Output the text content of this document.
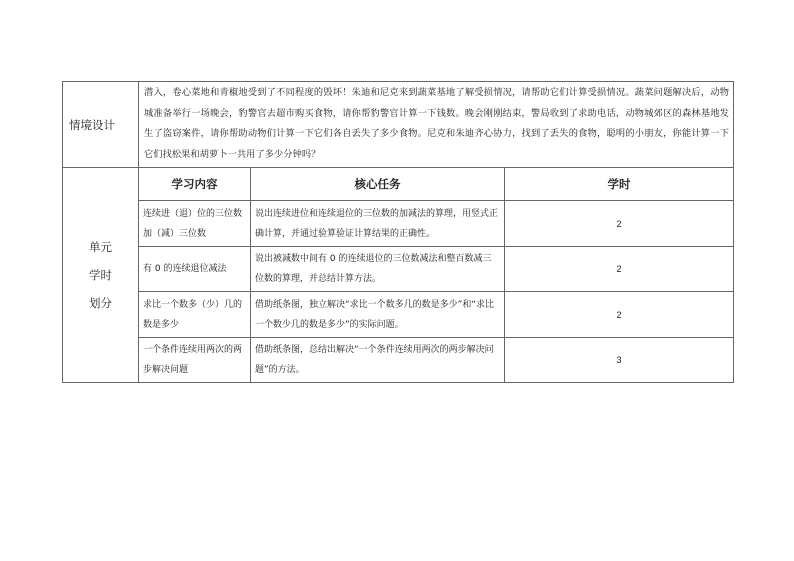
情境设计	潜入，卷心菜地和青椒地受到了不同程度的毁坏！朱迪和尼克来到蔬菜基地了解受损情况，请帮助它们计算受损情况。蔬菜问题解决后，动物城准备举行一场晚会，豹警官去超市购买食物，请你帮豹警官计算一下钱数。晚会刚刚结束，警局收到了求助电话，动物城郊区的森林基地发生了盗窃案件，请你帮助动物们计算一下它们各自丢失了多少食物。尼克和朱迪齐心协力，找到了丢失的食物，聪明的小朋友，你能计算一下它们找松果和胡萝卜一共用了多少分钟吗？		

单元
学时
划分	学习内容	核心任务	学时
	连续进（退）位的三位数加（减）三位数	说出连续进位和连续退位的三位数的加减法的算理，用竖式正确计算，并通过验算验证计算结果的正确性。	2
	有 0 的连续退位减法	说出被减数中间有 0 的连续退位的三位数减法和整百数减三位数的算理，并总结计算方法。	2
	求比一个数多（少）几的数是多少	借助纸条图，独立解决“求比一个数多几的数是多少”和“求比一个数少几的数是多少”的实际问题。	2
	一个条件连续用两次的两步解决问题	借助纸条图，总结出解决“一个条件连续用两次的两步解决问题”的方法。	3
